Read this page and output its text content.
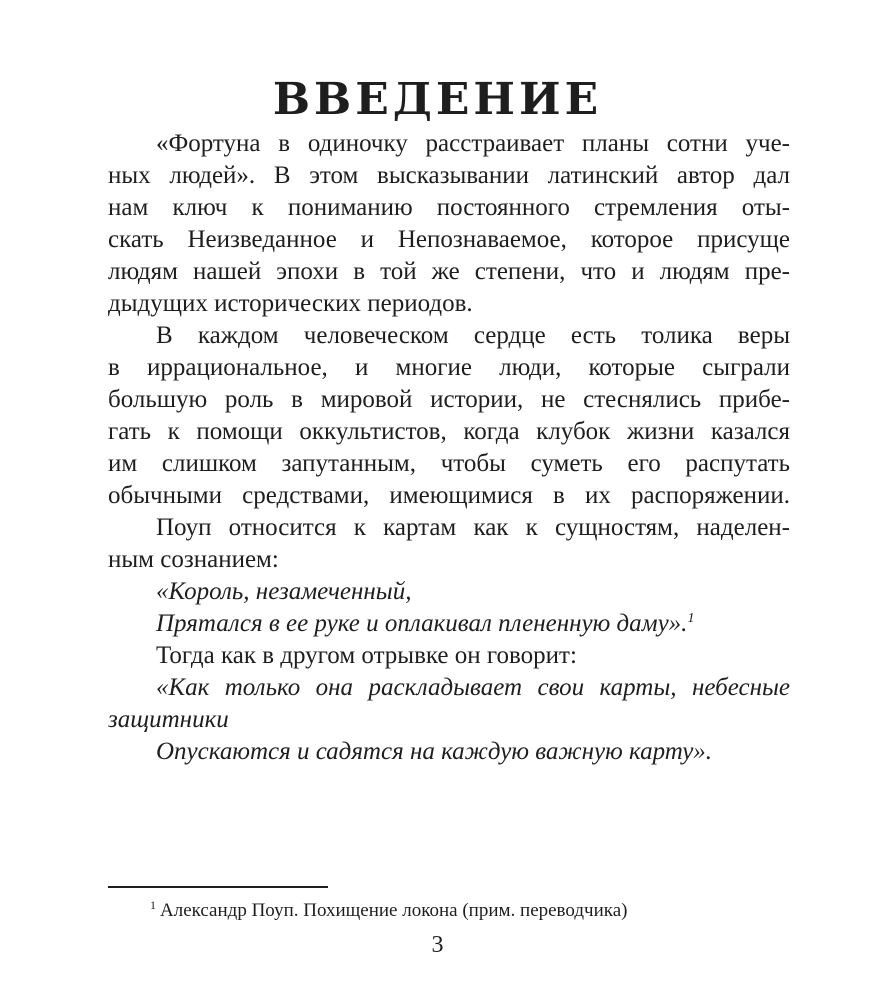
ВВЕДЕНИЕ
«Фортуна в одиночку расстраивает планы сотни уче-
ных людей». В этом высказывании латинский автор дал
нам ключ к пониманию постоянного стремления оты-
скать Неизведанное и Непознаваемое, которое присуще
людям нашей эпохи в той же степени, что и людям пре-
дыдущих исторических периодов.
В каждом человеческом сердце есть толика веры
в иррациональное, и многие люди, которые сыграли
большую роль в мировой истории, не стеснялись прибе-
гать к помощи оккультистов, когда клубок жизни казался
им слишком запутанным, чтобы суметь его распутать
обычными средствами, имеющимися в их распоряжении.
Поуп относится к картам как к сущностям, наделен-
ным сознанием:
«Король, незамеченный,
Прятался в ее руке и оплакивал плененную даму».$^1$
Тогда как в другом отрывке он говорит:
«Как только она раскладывает свои карты, небесные
защитники
Опускаются и садятся на каждую важную карту».
$^1$ Александр Поуп. Похищение локона (прим. переводчика)
3
